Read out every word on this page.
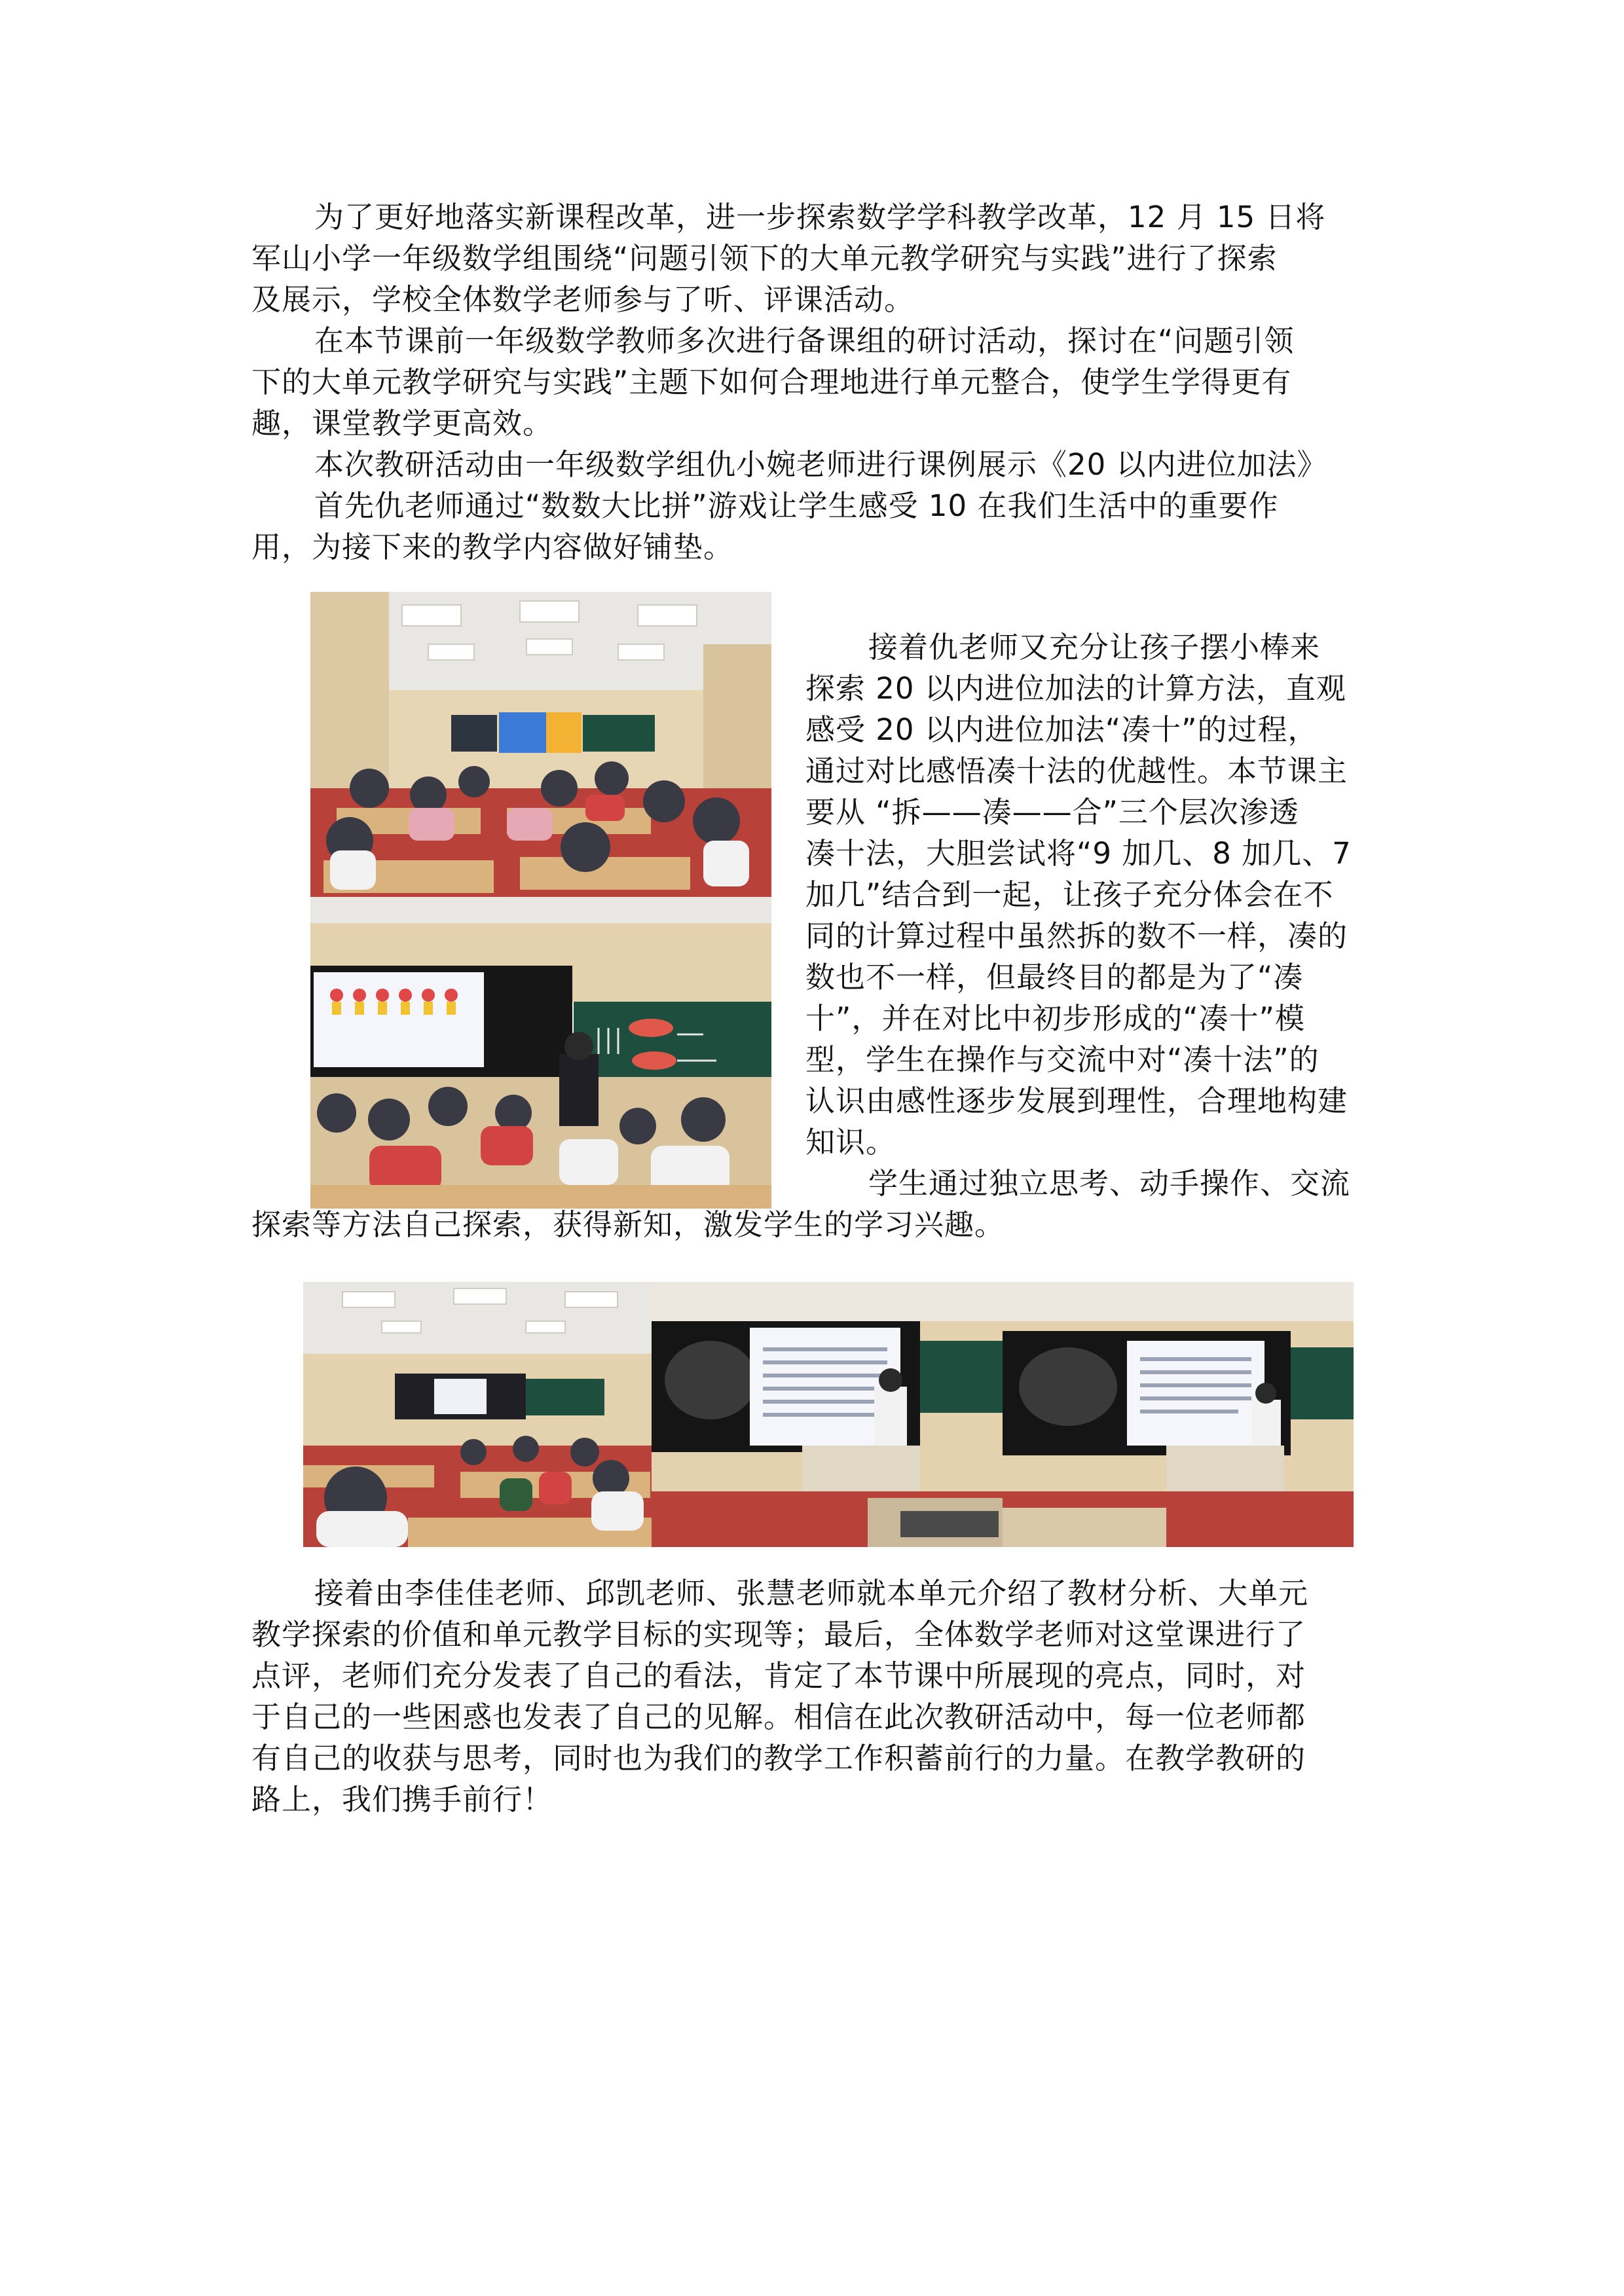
为了更好地落实新课程改革，进一步探索数学学科教学改革，12 月 15 日将
军山小学一年级数学组围绕“问题引领下的大单元教学研究与实践”进行了探索
及展示，学校全体数学老师参与了听、评课活动。
在本节课前一年级数学教师多次进行备课组的研讨活动，探讨在“问题引领
下的大单元教学研究与实践”主题下如何合理地进行单元整合，使学生学得更有
趣，课堂教学更高效。
本次教研活动由一年级数学组仇小婉老师进行课例展示《20 以内进位加法》
首先仇老师通过“数数大比拼”游戏让学生感受 10 在我们生活中的重要作
用，为接下来的教学内容做好铺垫。
接着仇老师又充分让孩子摆小棒来
探索 20 以内进位加法的计算方法，直观
感受 20 以内进位加法“凑十”的过程，
通过对比感悟凑十法的优越性。本节课主
要从 “拆——凑——合”三个层次渗透
凑十法，大胆尝试将“9 加几、8 加几、7
加几”结合到一起，让孩子充分体会在不
同的计算过程中虽然拆的数不一样，凑的
数也不一样，但最终目的都是为了“凑
十”，并在对比中初步形成的“凑十”模
型，学生在操作与交流中对“凑十法”的
认识由感性逐步发展到理性，合理地构建
知识。
学生通过独立思考、动手操作、交流
探索等方法自己探索，获得新知，激发学生的学习兴趣。
接着由李佳佳老师、邱凯老师、张慧老师就本单元介绍了教材分析、大单元
教学探索的价值和单元教学目标的实现等；最后，全体数学老师对这堂课进行了
点评，老师们充分发表了自己的看法，肯定了本节课中所展现的亮点，同时，对
于自己的一些困惑也发表了自己的见解。相信在此次教研活动中，每一位老师都
有自己的收获与思考，同时也为我们的教学工作积蓄前行的力量。在教学教研的
路上，我们携手前行！
